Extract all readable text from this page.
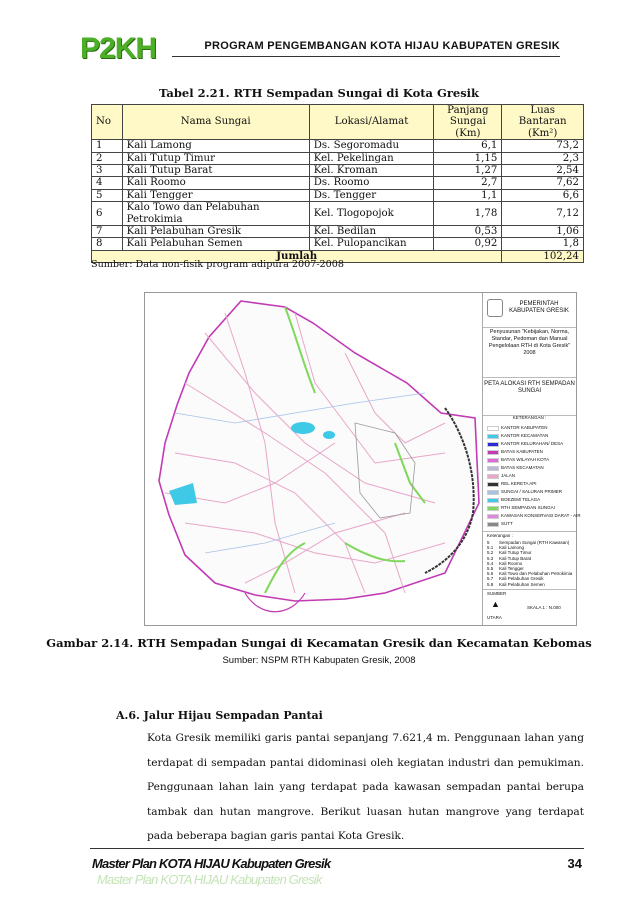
P2KH	PROGRAM PENGEMBANGAN KOTA HIJAU KABUPATEN GRESIK
Tabel 2.21. RTH Sempadan Sungai di Kota Gresik
No	Nama Sungai	Lokasi/Alamat	Panjang Sungai (Km)	Luas Bantaran (Km²)
1	Kali Lamong	Ds. Segoromadu	6,1	73,2
2	Kali Tutup Timur	Kel. Pekelingan	1,15	2,3
3	Kali Tutup Barat	Kel. Kroman	1,27	2,54
4	Kali Roomo	Ds. Roomo	2,7	7,62
5	Kali Tengger	Ds. Tengger	1,1	6,6
6	Kalo Towo dan Pelabuhan Petrokimia	Kel. Tlogopojok	1,78	7,12
7	Kali Pelabuhan Gresik	Kel. Bedilan	0,53	1,06
8	Kali Pelabuhan Semen	Kel. Pulopancikan	0,92	1,8
Jumlah				102,24
Sumber: Data non-fisik program adipura 2007-2008
PEMERINTAH KABUPATEN GRESIK
Penyusunan "Kebijakan, Norma, Standar, Pedoman dan Manual Pengelolaan RTH di Kota Gresik" 2008
PETA ALOKASI RTH SEMPADAN SUNGAI
KETERANGAN :
KANTOR KABUPATEN
KANTOR KECAMATAN
KANTOR KELURAHAN/ DESA
BATAS KABUPATEN
BATAS WILAYAH KOTA
BATAS KECAMATAN
JALAN
REL KERETA API
SUNGAI / SALURAN PRIMER
BOEZEM/ TELAGA
RTH SEMPADAN SUNGAI
KAWASAN KONSERVASI DARAT - AIR
SUTT
Keterangan :
5 Sempadan Sungai (RTH Kawasan)
5.1 Kali Lamong
5.2 Kali Tutup Timur
5.3 Kali Tutup Barat
5.4 Kali Roomo
5.5 Kali Tengger
5.6 Kali Towo dan Pelabuhan Petrokimia
5.7 Kali Pelabuhan Gresik
5.8 Kali Pelabuhan Semen
SUMBER
▲
UTARA
SKALA 1 : N.000
Gambar 2.14. RTH Sempadan Sungai di Kecamatan Gresik dan Kecamatan Kebomas
Sumber: NSPM RTH Kabupaten Gresik, 2008
A.6. Jalur Hijau Sempadan Pantai
Kota Gresik memiliki garis pantai sepanjang 7.621,4 m. Penggunaan lahan yang terdapat di sempadan pantai didominasi oleh kegiatan industri dan pemukiman. Penggunaan lahan lain yang terdapat pada kawasan sempadan pantai berupa tambak dan hutan mangrove. Berikut luasan hutan mangrove yang terdapat pada beberapa bagian garis pantai Kota Gresik.
Master Plan KOTA HIJAU Kabupaten Gresik
Master Plan KOTA HIJAU Kabupaten Gresik	34
